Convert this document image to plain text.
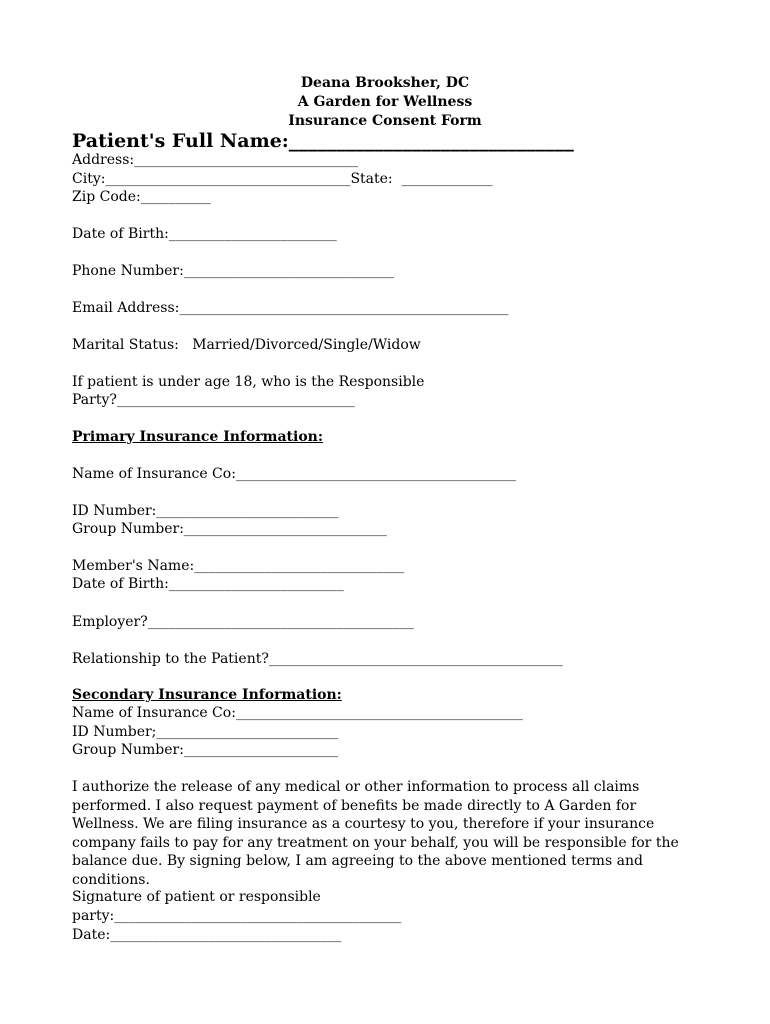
Deana Brooksher, DC
A Garden for Wellness
Insurance Consent Form
Patient's Full Name:______________________________
Address:________________________________
City:___________________________________State:  _____________
Zip Code:__________
Date of Birth:________________________
Phone Number:______________________________
Email Address:_______________________________________________
Marital Status:   Married/Divorced/Single/Widow
If patient is under age 18, who is the Responsible
Party?__________________________________
Primary Insurance Information:
Name of Insurance Co:________________________________________
ID Number:__________________________
Group Number:_____________________________
Member's Name:______________________________
Date of Birth:_________________________
Employer?______________________________________
Relationship to the Patient?__________________________________________
Secondary Insurance Information:
Name of Insurance Co:_________________________________________
ID Number;__________________________
Group Number:______________________
I authorize the release of any medical or other information to process all claims performed. I also request payment of benefits be made directly to A Garden for Wellness. We are filing insurance as a courtesy to you, therefore if your insurance company fails to pay for any treatment on your behalf, you will be responsible for the balance due. By signing below, I am agreeing to the above mentioned terms and conditions.
Signature of patient or responsible
party:_________________________________________
Date:_________________________________
